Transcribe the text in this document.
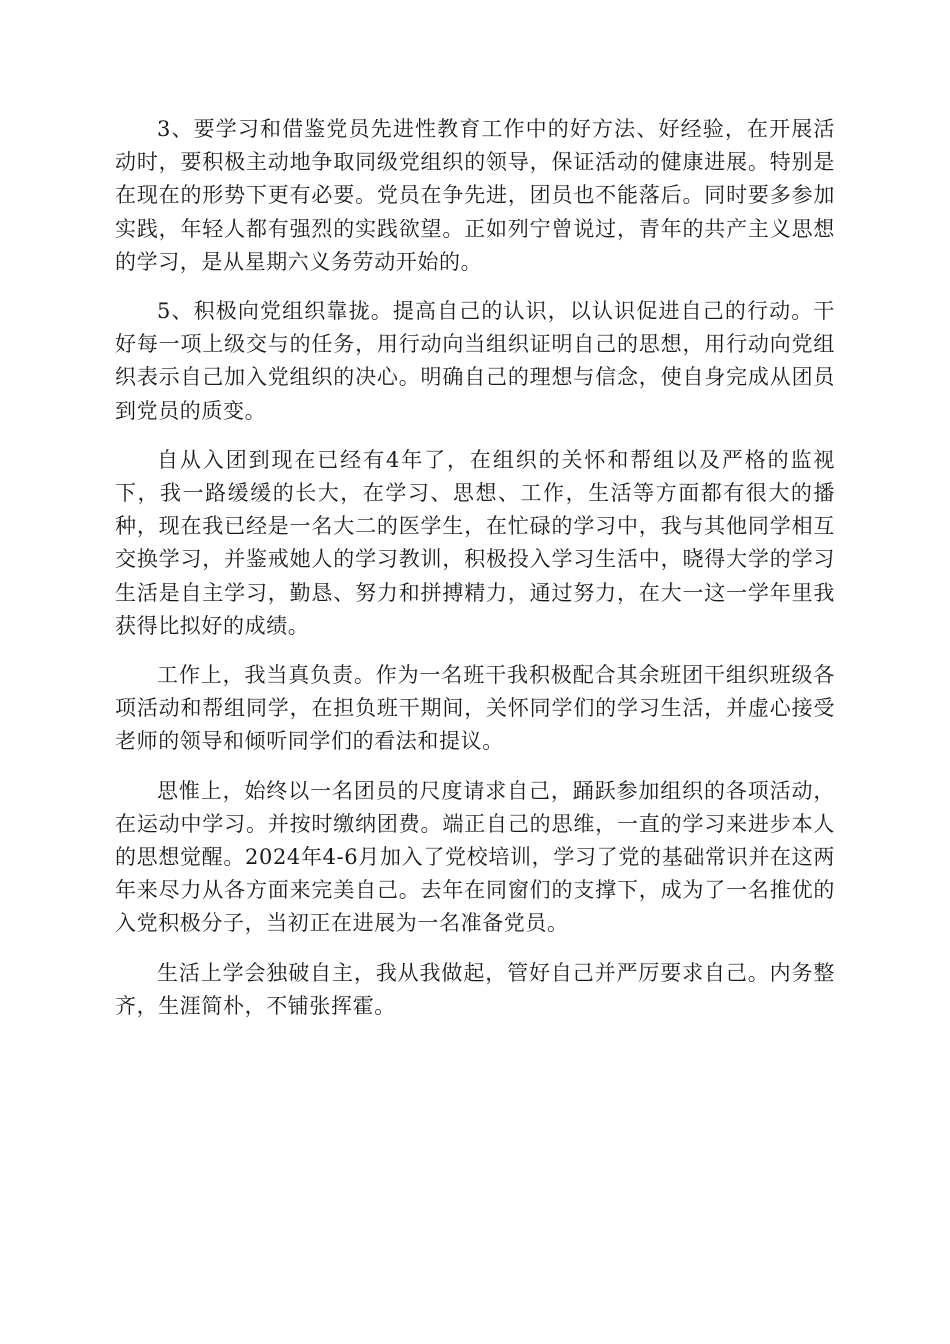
3、要学习和借鉴党员先进性教育工作中的好方法、好经验，在开展活动时，要积极主动地争取同级党组织的领导，保证活动的健康进展。特别是在现在的形势下更有必要。党员在争先进，团员也不能落后。同时要多参加实践，年轻人都有强烈的实践欲望。正如列宁曾说过，青年的共产主义思想的学习，是从星期六义务劳动开始的。

5、积极向党组织靠拢。提高自己的认识，以认识促进自己的行动。干好每一项上级交与的任务，用行动向当组织证明自己的思想，用行动向党组织表示自己加入党组织的决心。明确自己的理想与信念，使自身完成从团员到党员的质变。

自从入团到现在已经有4年了，在组织的关怀和帮组以及严格的监视下，我一路缓缓的长大，在学习、思想、工作，生活等方面都有很大的播种，现在我已经是一名大二的医学生，在忙碌的学习中，我与其他同学相互交换学习，并鉴戒她人的学习教训，积极投入学习生活中，晓得大学的学习生活是自主学习，勤恳、努力和拼搏精力，通过努力，在大一这一学年里我获得比拟好的成绩。

工作上，我当真负责。作为一名班干我积极配合其余班团干组织班级各项活动和帮组同学，在担负班干期间，关怀同学们的学习生活，并虚心接受老师的领导和倾听同学们的看法和提议。

思惟上，始终以一名团员的尺度请求自己，踊跃参加组织的各项活动，在运动中学习。并按时缴纳团费。端正自己的思维，一直的学习来进步本人的思想觉醒。2024年4-6月加入了党校培训，学习了党的基础常识并在这两年来尽力从各方面来完美自己。去年在同窗们的支撑下，成为了一名推优的入党积极分子，当初正在进展为一名准备党员。

生活上学会独破自主，我从我做起，管好自己并严厉要求自己。内务整齐，生涯简朴，不铺张挥霍。
